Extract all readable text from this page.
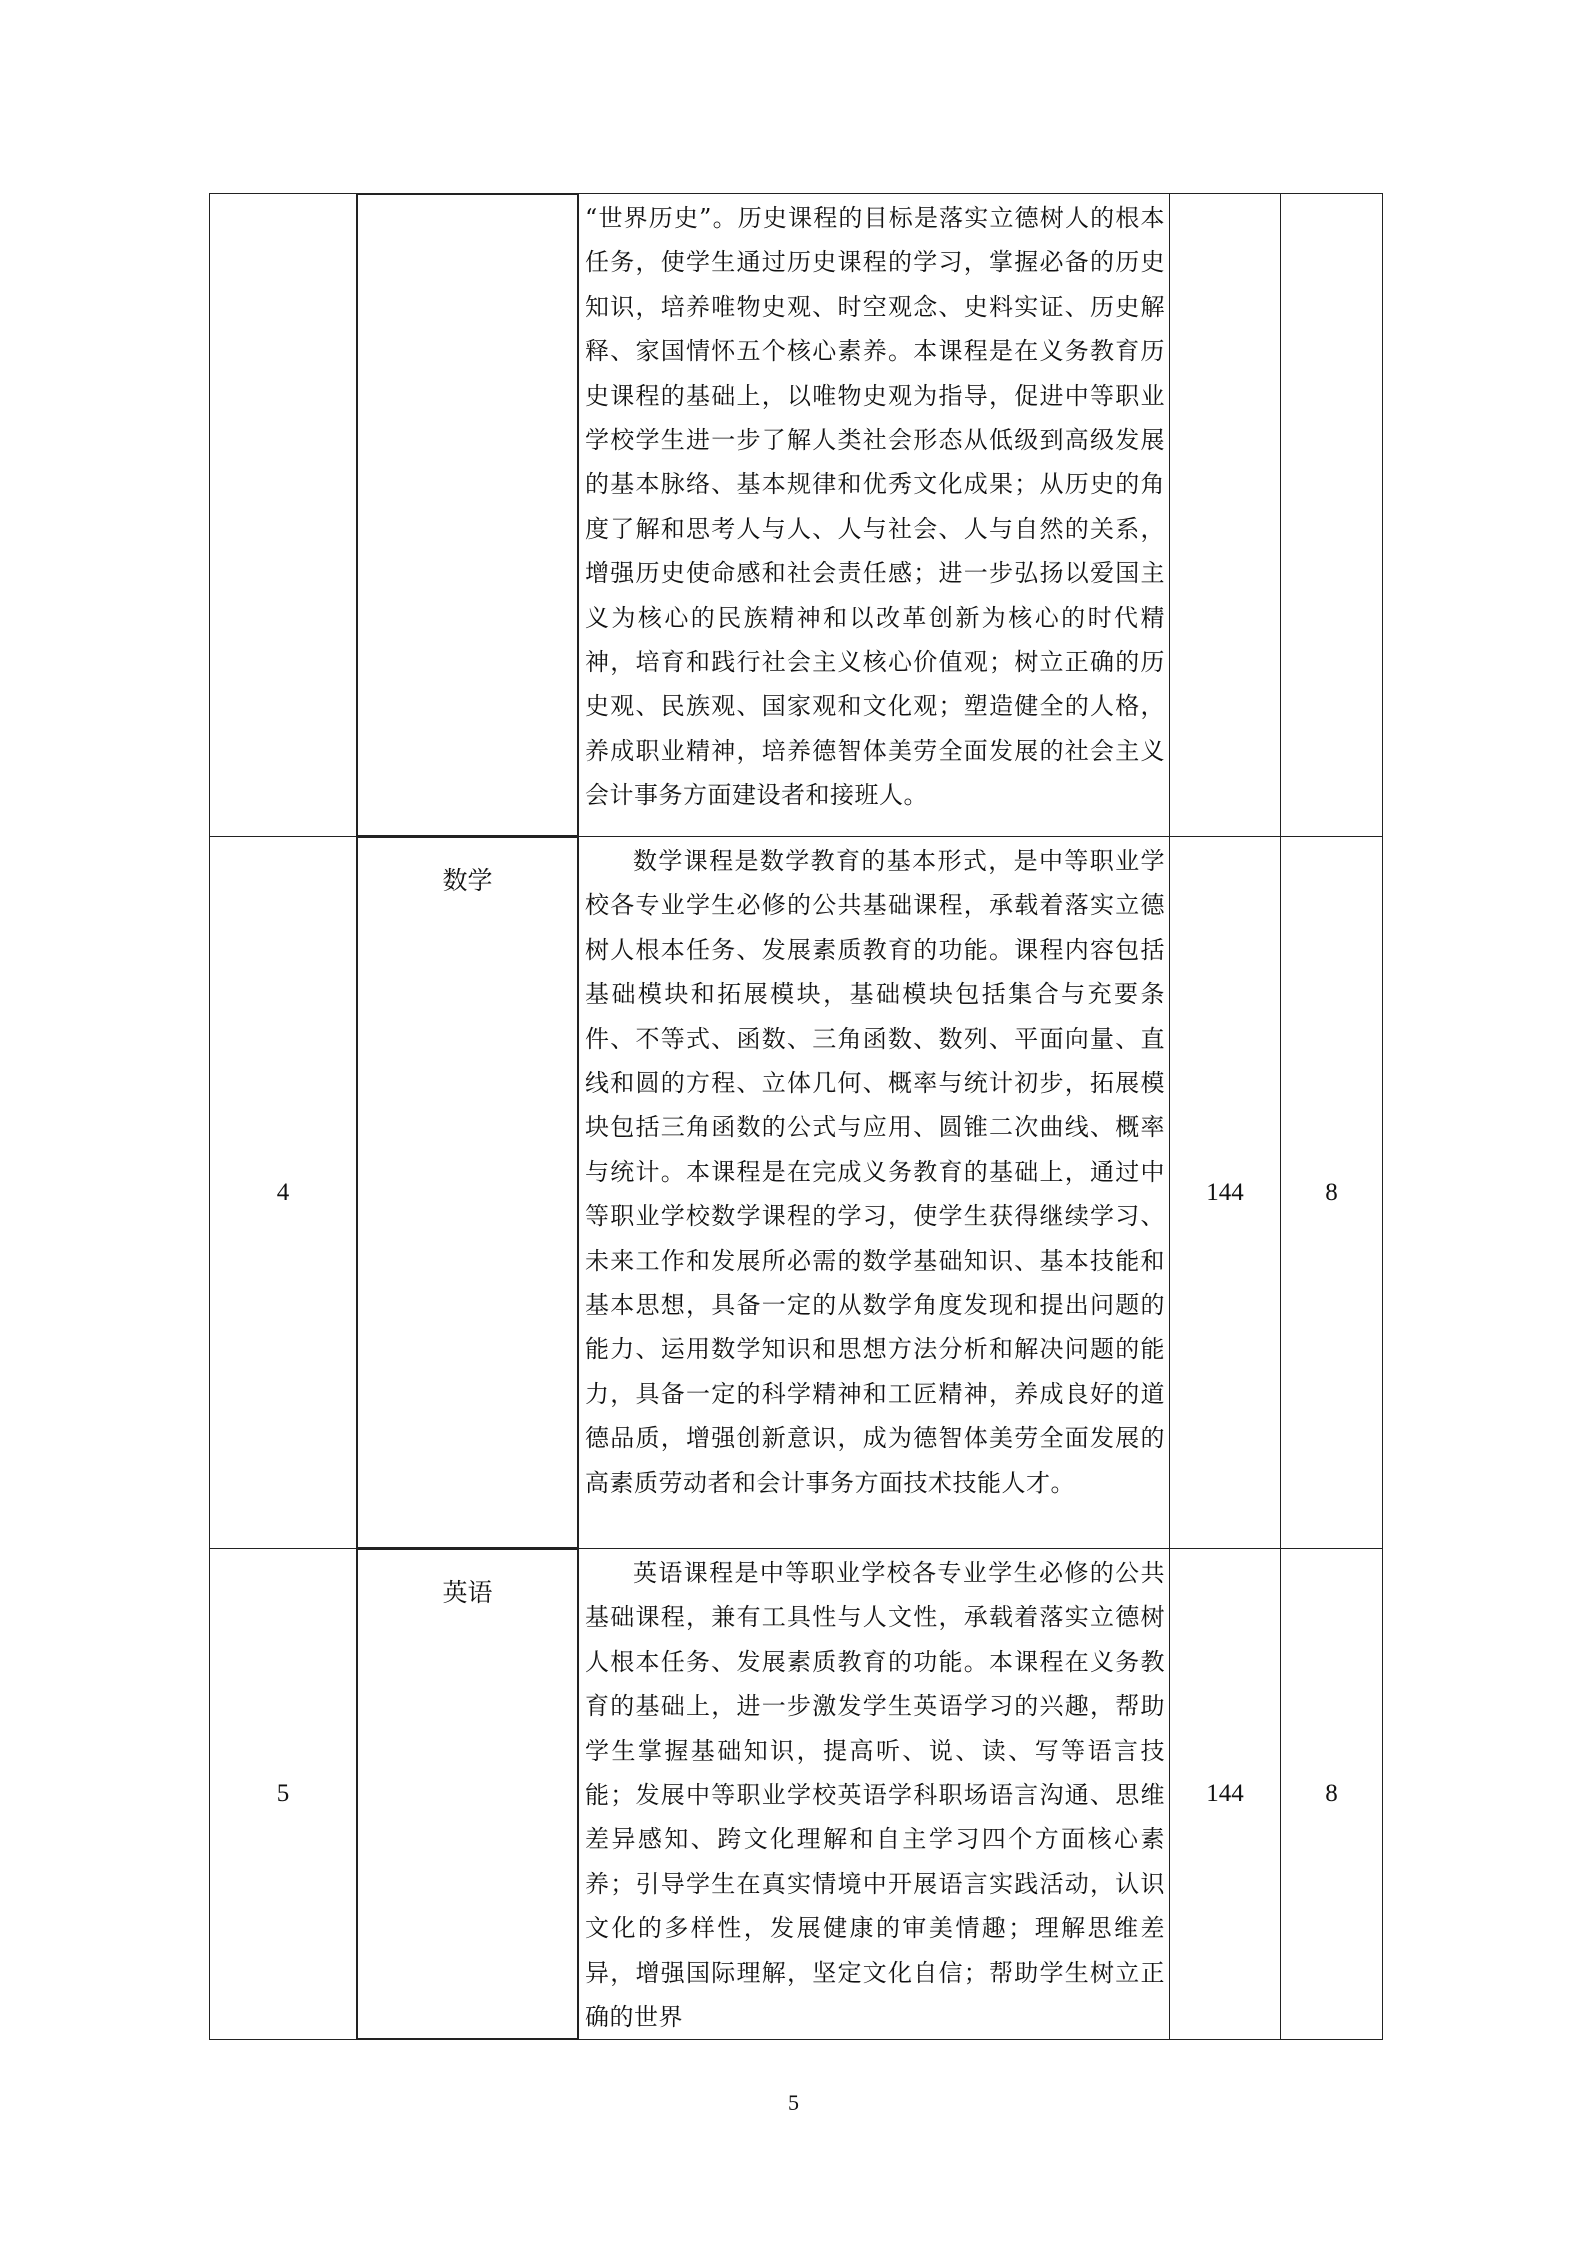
		“世界历史”。历史课程的目标是落实立德树人的根本任务，使学生通过历史课程的学习，掌握必备的历史知识，培养唯物史观、时空观念、史料实证、历史解释、家国情怀五个核心素养。本课程是在义务教育历史课程的基础上，以唯物史观为指导，促进中等职业学校学生进一步了解人类社会形态从低级到高级发展的基本脉络、基本规律和优秀文化成果；从历史的角度了解和思考人与人、人与社会、人与自然的关系，增强历史使命感和社会责任感；进一步弘扬以爱国主义为核心的民族精神和以改革创新为核心的时代精神，培育和践行社会主义核心价值观；树立正确的历史观、民族观、国家观和文化观；塑造健全的人格，养成职业精神，培养德智体美劳全面发展的社会主义会计事务方面建设者和接班人。		

4	数学	数学课程是数学教育的基本形式，是中等职业学校各专业学生必修的公共基础课程，承载着落实立德树人根本任务、发展素质教育的功能。课程内容包括基础模块和拓展模块，基础模块包括集合与充要条件、不等式、函数、三角函数、数列、平面向量、直线和圆的方程、立体几何、概率与统计初步，拓展模块包括三角函数的公式与应用、圆锥二次曲线、概率与统计。本课程是在完成义务教育的基础上，通过中等职业学校数学课程的学习，使学生获得继续学习、未来工作和发展所必需的数学基础知识、基本技能和基本思想，具备一定的从数学角度发现和提出问题的能力、运用数学知识和思想方法分析和解决问题的能力，具备一定的科学精神和工匠精神，养成良好的道德品质，增强创新意识，成为德智体美劳全面发展的高素质劳动者和会计事务方面技术技能人才。	144	8
5	英语	英语课程是中等职业学校各专业学生必修的公共基础课程，兼有工具性与人文性，承载着落实立德树人根本任务、发展素质教育的功能。本课程在义务教育的基础上，进一步激发学生英语学习的兴趣，帮助学生掌握基础知识，提高听、说、读、写等语言技能；发展中等职业学校英语学科职场语言沟通、思维差异感知、跨文化理解和自主学习四个方面核心素养；引导学生在真实情境中开展语言实践活动，认识文化的多样性，发展健康的审美情趣；理解思维差异，增强国际理解，坚定文化自信；帮助学生树立正确的世界	144	8
5
